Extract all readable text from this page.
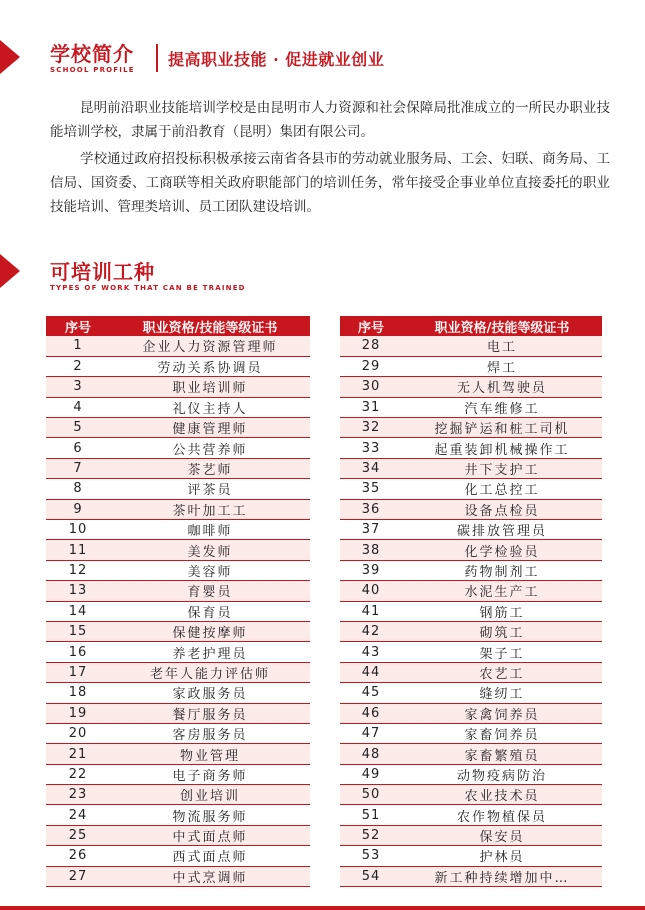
学校简介
SCHOOL PROFILE
提高职业技能 · 促进就业创业

昆明前沿职业技能培训学校是由昆明市人力资源和社会保障局批准成立的一所民办职业技能培训学校，隶属于前沿教育（昆明）集团有限公司。

学校通过政府招投标积极承接云南省各县市的劳动就业服务局、工会、妇联、商务局、工信局、国资委、工商联等相关政府职能部门的培训任务，常年接受企事业单位直接委托的职业技能培训、管理类培训、员工团队建设培训。

可培训工种
TYPES OF WORK THAT CAN BE TRAINED
序号	职业资格/技能等级证书
1	企业人力资源管理师
2	劳动关系协调员
3	职业培训师
4	礼仪主持人
5	健康管理师
6	公共营养师
7	茶艺师
8	评茶员
9	茶叶加工工
10	咖啡师
11	美发师
12	美容师
13	育婴员
14	保育员
15	保健按摩师
16	养老护理员
17	老年人能力评估师
18	家政服务员
19	餐厅服务员
20	客房服务员
21	物业管理
22	电子商务师
23	创业培训
24	物流服务师
25	中式面点师
26	西式面点师
27	中式烹调师
序号	职业资格/技能等级证书
28	电工
29	焊工
30	无人机驾驶员
31	汽车维修工
32	挖掘铲运和桩工司机
33	起重装卸机械操作工
34	井下支护工
35	化工总控工
36	设备点检员
37	碳排放管理员
38	化学检验员
39	药物制剂工
40	水泥生产工
41	钢筋工
42	砌筑工
43	架子工
44	农艺工
45	缝纫工
46	家禽饲养员
47	家畜饲养员
48	家畜繁殖员
49	动物疫病防治
50	农业技术员
51	农作物植保员
52	保安员
53	护林员
54	新工种持续增加中…
